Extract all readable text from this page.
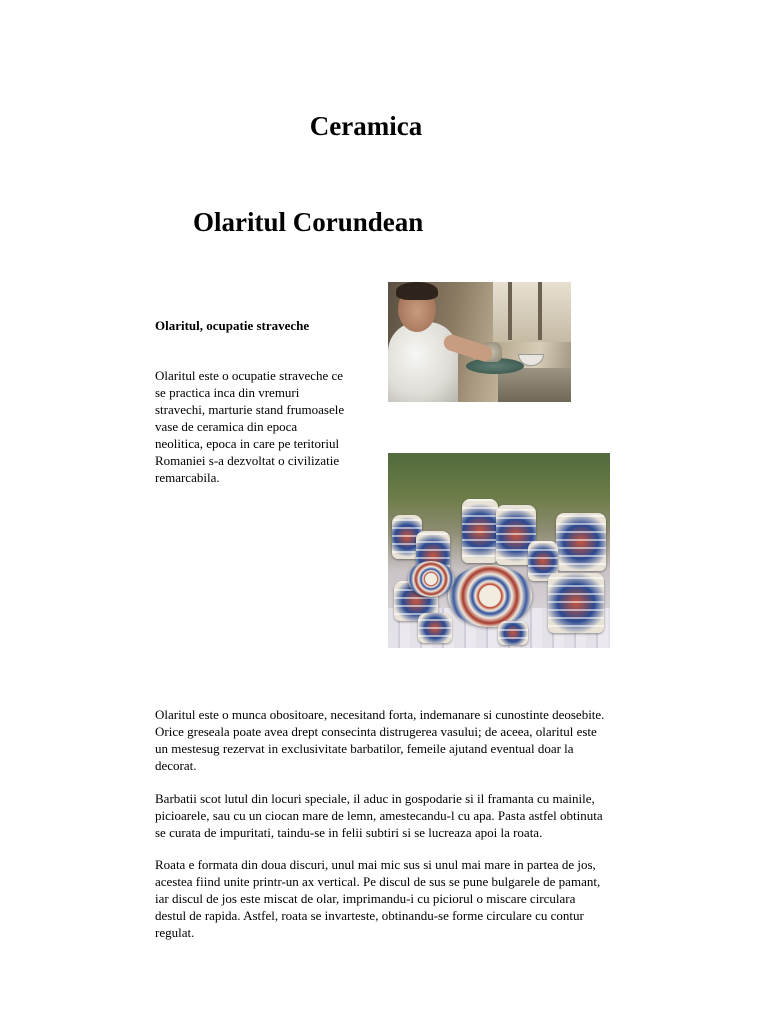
Ceramica
Olaritul Corundean
Olaritul, ocupatie straveche

Olaritul este o ocupatie straveche ce
se practica inca din vremuri
stravechi, marturie stand frumoasele
vase de ceramica din epoca
neolitica, epoca in care pe teritoriul
Romaniei s-a dezvoltat o civilizatie
remarcabila.

Olaritul este o munca obositoare, necesitand forta, indemanare si cunostinte deosebite.
Orice greseala poate avea drept consecinta distrugerea vasului; de aceea, olaritul este
un mestesug rezervat in exclusivitate barbatilor, femeile ajutand eventual doar la
decorat.

Barbatii scot lutul din locuri speciale, il aduc in gospodarie si il framanta cu mainile,
picioarele, sau cu un ciocan mare de lemn, amestecandu-l cu apa. Pasta astfel obtinuta
se curata de impuritati, taindu-se in felii subtiri si se lucreaza apoi la roata.

Roata e formata din doua discuri, unul mai mic sus si unul mai mare in partea de jos,
acestea fiind unite printr-un ax vertical. Pe discul de sus se pune bulgarele de pamant,
iar discul de jos este miscat de olar, imprimandu-i cu piciorul o miscare circulara
destul de rapida. Astfel, roata se invarteste, obtinandu-se forme circulare cu contur
regulat.
